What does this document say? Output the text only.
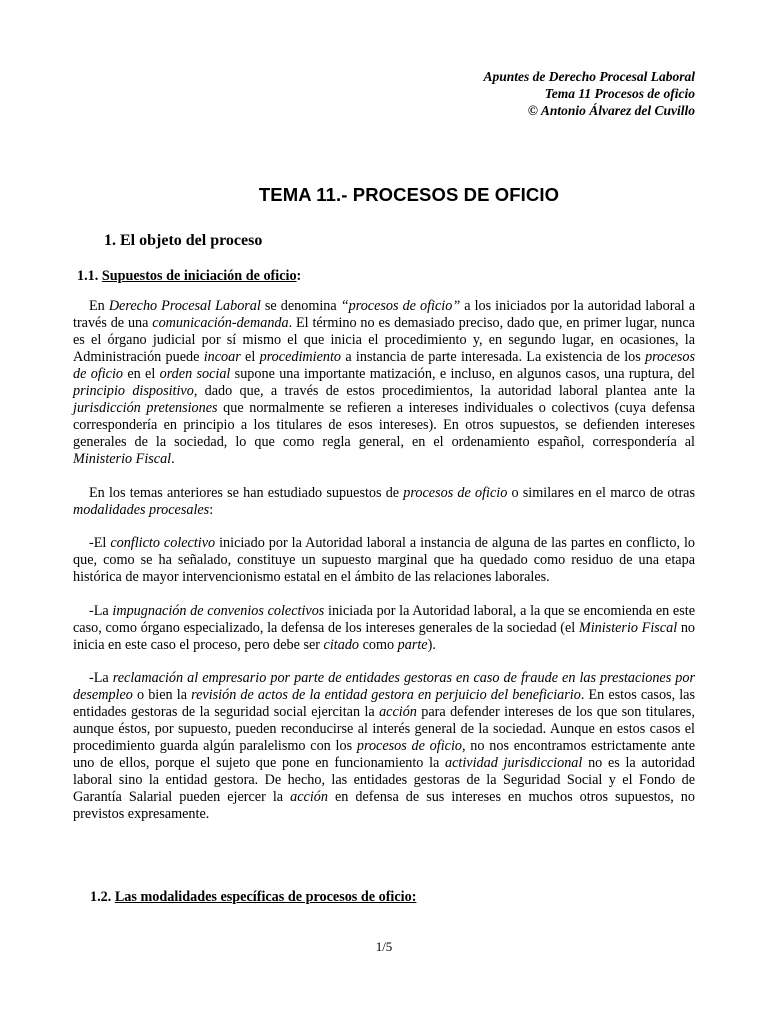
Apuntes de Derecho Procesal Laboral
Tema 11 Procesos de oficio
© Antonio Álvarez del Cuvillo
TEMA 11.- PROCESOS DE OFICIO
1. El objeto del proceso
1.1. Supuestos de iniciación de oficio:

En Derecho Procesal Laboral se denomina “procesos de oficio” a los iniciados por la autoridad laboral a través de una comunicación-demanda. El término no es demasiado preciso, dado que, en primer lugar, nunca es el órgano judicial por sí mismo el que inicia el procedimiento y, en segundo lugar, en ocasiones, la Administración puede incoar el procedimiento a instancia de parte interesada. La existencia de los procesos de oficio en el orden social supone una importante matización, e incluso, en algunos casos, una ruptura, del principio dispositivo, dado que, a través de estos procedimientos, la autoridad laboral plantea ante la jurisdicción pretensiones que normalmente se refieren a intereses individuales o colectivos (cuya defensa correspondería en principio a los titulares de esos intereses). En otros supuestos, se defienden intereses generales de la sociedad, lo que como regla general, en el ordenamiento español, correspondería al Ministerio Fiscal.

En los temas anteriores se han estudiado supuestos de procesos de oficio o similares en el marco de otras modalidades procesales:

-El conflicto colectivo iniciado por la Autoridad laboral a instancia de alguna de las partes en conflicto, lo que, como se ha señalado, constituye un supuesto marginal que ha quedado como residuo de una etapa histórica de mayor intervencionismo estatal en el ámbito de las relaciones laborales.

-La impugnación de convenios colectivos iniciada por la Autoridad laboral, a la que se encomienda en este caso, como órgano especializado, la defensa de los intereses generales de la sociedad (el Ministerio Fiscal no inicia en este caso el proceso, pero debe ser citado como parte).

-La reclamación al empresario por parte de entidades gestoras en caso de fraude en las prestaciones por desempleo o bien la revisión de actos de la entidad gestora en perjuicio del beneficiario. En estos casos, las entidades gestoras de la seguridad social ejercitan la acción para defender intereses de los que son titulares, aunque éstos, por supuesto, pueden reconducirse al interés general de la sociedad. Aunque en estos casos el procedimiento guarda algún paralelismo con los procesos de oficio, no nos encontramos estrictamente ante uno de ellos, porque el sujeto que pone en funcionamiento la actividad jurisdiccional no es la autoridad laboral sino la entidad gestora. De hecho, las entidades gestoras de la Seguridad Social y el Fondo de Garantía Salarial pueden ejercer la acción en defensa de sus intereses en muchos otros supuestos, no previstos expresamente.

1.2. Las modalidades específicas de procesos de oficio:
1/5
